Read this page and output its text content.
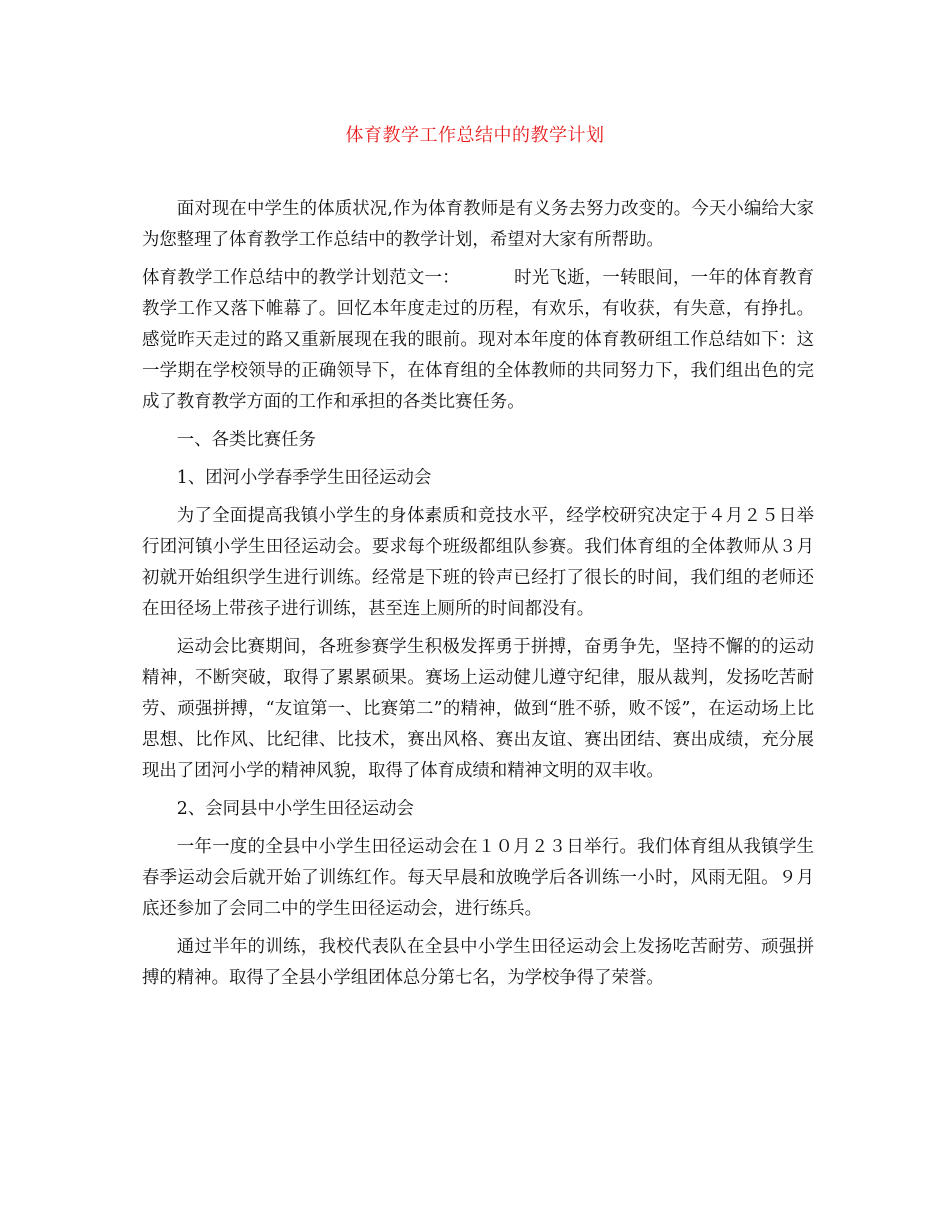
体育教学工作总结中的教学计划

面对现在中学生的体质状况,作为体育教师是有义务去努力改变的。今天小编给大家为您整理了体育教学工作总结中的教学计划，希望对大家有所帮助。

体育教学工作总结中的教学计划范文一：	时光飞逝，一转眼间，一年的体育教育教学工作又落下帷幕了。回忆本年度走过的历程，有欢乐，有收获，有失意，有挣扎。感觉昨天走过的路又重新展现在我的眼前。现对本年度的体育教研组工作总结如下：这一学期在学校领导的正确领导下，在体育组的全体教师的共同努力下，我们组出色的完成了教育教学方面的工作和承担的各类比赛任务。

一、各类比赛任务

1、团河小学春季学生田径运动会

为了全面提高我镇小学生的身体素质和竞技水平，经学校研究决定于４月２５日举行团河镇小学生田径运动会。要求每个班级都组队参赛。我们体育组的全体教师从３月初就开始组织学生进行训练。经常是下班的铃声已经打了很长的时间，我们组的老师还在田径场上带孩子进行训练，甚至连上厕所的时间都没有。

运动会比赛期间，各班参赛学生积极发挥勇于拼搏，奋勇争先，坚持不懈的的运动精神，不断突破，取得了累累硕果。赛场上运动健儿遵守纪律，服从裁判，发扬吃苦耐劳、顽强拼搏，“友谊第一、比赛第二”的精神，做到“胜不骄，败不馁”，在运动场上比思想、比作风、比纪律、比技术，赛出风格、赛出友谊、赛出团结、赛出成绩，充分展现出了团河小学的精神风貌，取得了体育成绩和精神文明的双丰收。

2、会同县中小学生田径运动会

一年一度的全县中小学生田径运动会在１０月２３日举行。我们体育组从我镇学生春季运动会后就开始了训练红作。每天早晨和放晚学后各训练一小时，风雨无阻。９月底还参加了会同二中的学生田径运动会，进行练兵。

通过半年的训练，我校代表队在全县中小学生田径运动会上发扬吃苦耐劳、顽强拼搏的精神。取得了全县小学组团体总分第七名，为学校争得了荣誉。
